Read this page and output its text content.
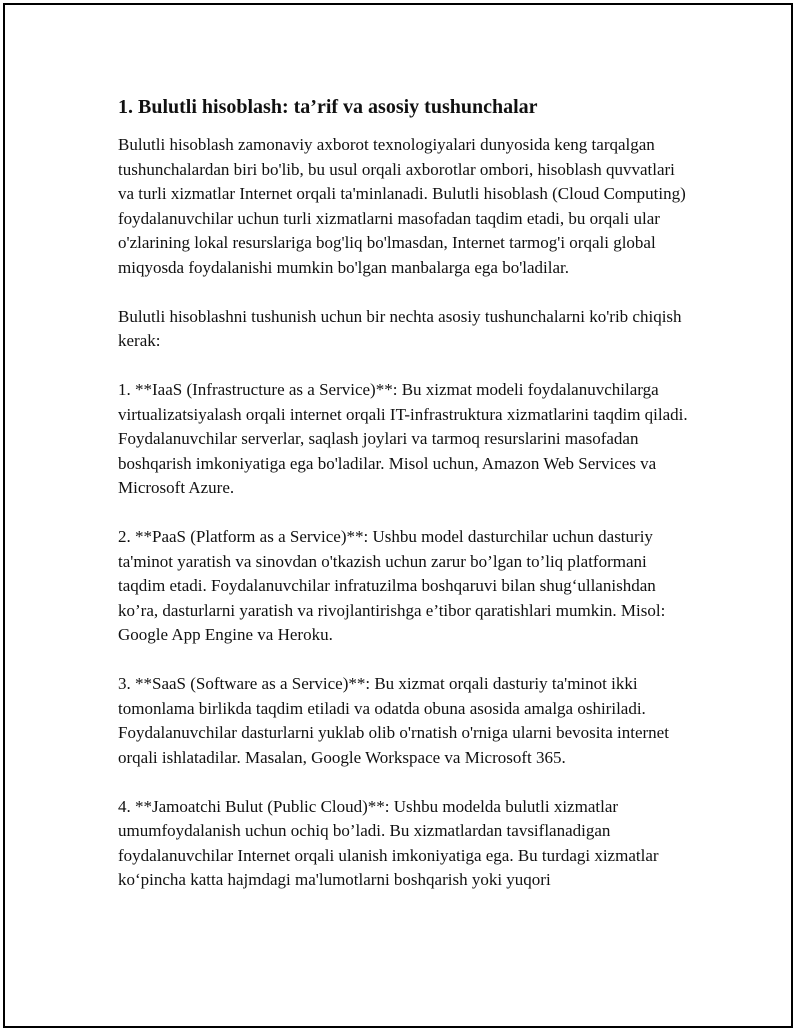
1. Bulutli hisoblash: ta’rif va asosiy tushunchalar

Bulutli hisoblash zamonaviy axborot texnologiyalari dunyosida keng tarqalgan tushunchalardan biri bo'lib, bu usul orqali axborotlar ombori, hisoblash quvvatlari va turli xizmatlar Internet orqali ta'minlanadi. Bulutli hisoblash (Cloud Computing) foydalanuvchilar uchun turli xizmatlarni masofadan taqdim etadi, bu orqali ular o'zlarining lokal resurslariga bog'liq bo'lmasdan, Internet tarmog'i orqali global miqyosda foydalanishi mumkin bo'lgan manbalarga ega bo'ladilar.

Bulutli hisoblashni tushunish uchun bir nechta asosiy tushunchalarni ko'rib chiqish kerak:

1. **IaaS (Infrastructure as a Service)**: Bu xizmat modeli foydalanuvchilarga virtualizatsiyalash orqali internet orqali IT-infrastruktura xizmatlarini taqdim qiladi. Foydalanuvchilar serverlar, saqlash joylari va tarmoq resurslarini masofadan boshqarish imkoniyatiga ega bo'ladilar. Misol uchun, Amazon Web Services va Microsoft Azure.

2. **PaaS (Platform as a Service)**: Ushbu model dasturchilar uchun dasturiy ta'minot yaratish va sinovdan o'tkazish uchun zarur bo’lgan to’liq platformani taqdim etadi. Foydalanuvchilar infratuzilma boshqaruvi bilan shug‘ullanishdan ko’ra, dasturlarni yaratish va rivojlantirishga e’tibor qaratishlari mumkin. Misol: Google App Engine va Heroku.

3. **SaaS (Software as a Service)**: Bu xizmat orqali dasturiy ta'minot ikki tomonlama birlikda taqdim etiladi va odatda obuna asosida amalga oshiriladi. Foydalanuvchilar dasturlarni yuklab olib o'rnatish o'rniga ularni bevosita internet orqali ishlatadilar. Masalan, Google Workspace va Microsoft 365.

4. **Jamoatchi Bulut (Public Cloud)**: Ushbu modelda bulutli xizmatlar umumfoydalanish uchun ochiq bo’ladi. Bu xizmatlardan tavsiflanadigan foydalanuvchilar Internet orqali ulanish imkoniyatiga ega. Bu turdagi xizmatlar ko‘pincha katta hajmdagi ma'lumotlarni boshqarish yoki yuqori
